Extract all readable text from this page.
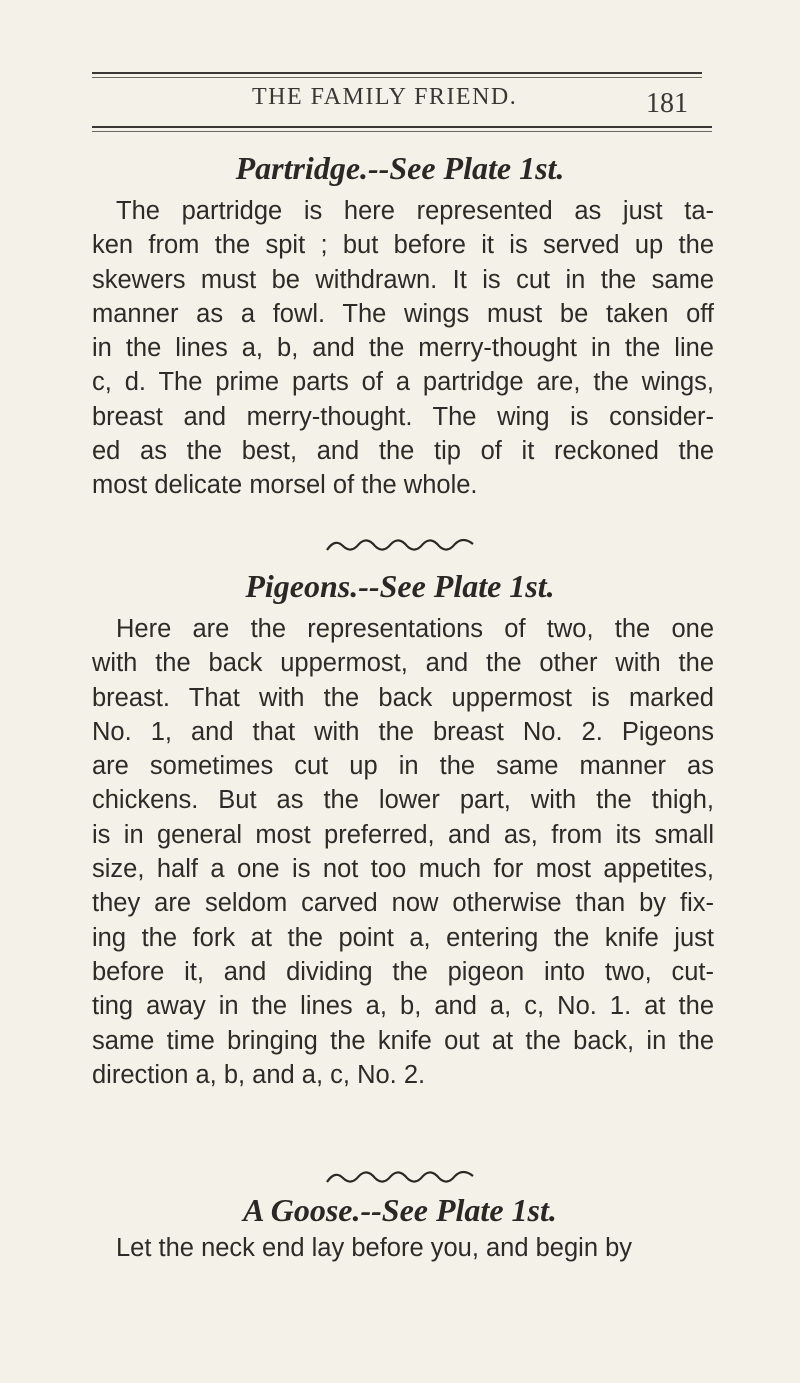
THE FAMILY FRIEND.	181
Partridge.--See Plate 1st.
The partridge is here represented as just ta-
ken from the spit ; but before it is served up the
skewers must be withdrawn. It is cut in the same
manner as a fowl. The wings must be taken off
in the lines a, b, and the merry-thought in the line
c, d. The prime parts of a partridge are, the wings,
breast and merry-thought. The wing is consider-
ed as the best, and the tip of it reckoned the
most delicate morsel of the whole.
Pigeons.--See Plate 1st.
Here are the representations of two, the one
with the back uppermost, and the other with the
breast. That with the back uppermost is marked
No. 1, and that with the breast No. 2. Pigeons
are sometimes cut up in the same manner as
chickens. But as the lower part, with the thigh,
is in general most preferred, and as, from its small
size, half a one is not too much for most appetites,
they are seldom carved now otherwise than by fix-
ing the fork at the point a, entering the knife just
before it, and dividing the pigeon into two, cut-
ting away in the lines a, b, and a, c, No. 1. at the
same time bringing the knife out at the back, in the
direction a, b, and a, c, No. 2.
A Goose.--See Plate 1st.
Let the neck end lay before you, and begin by
